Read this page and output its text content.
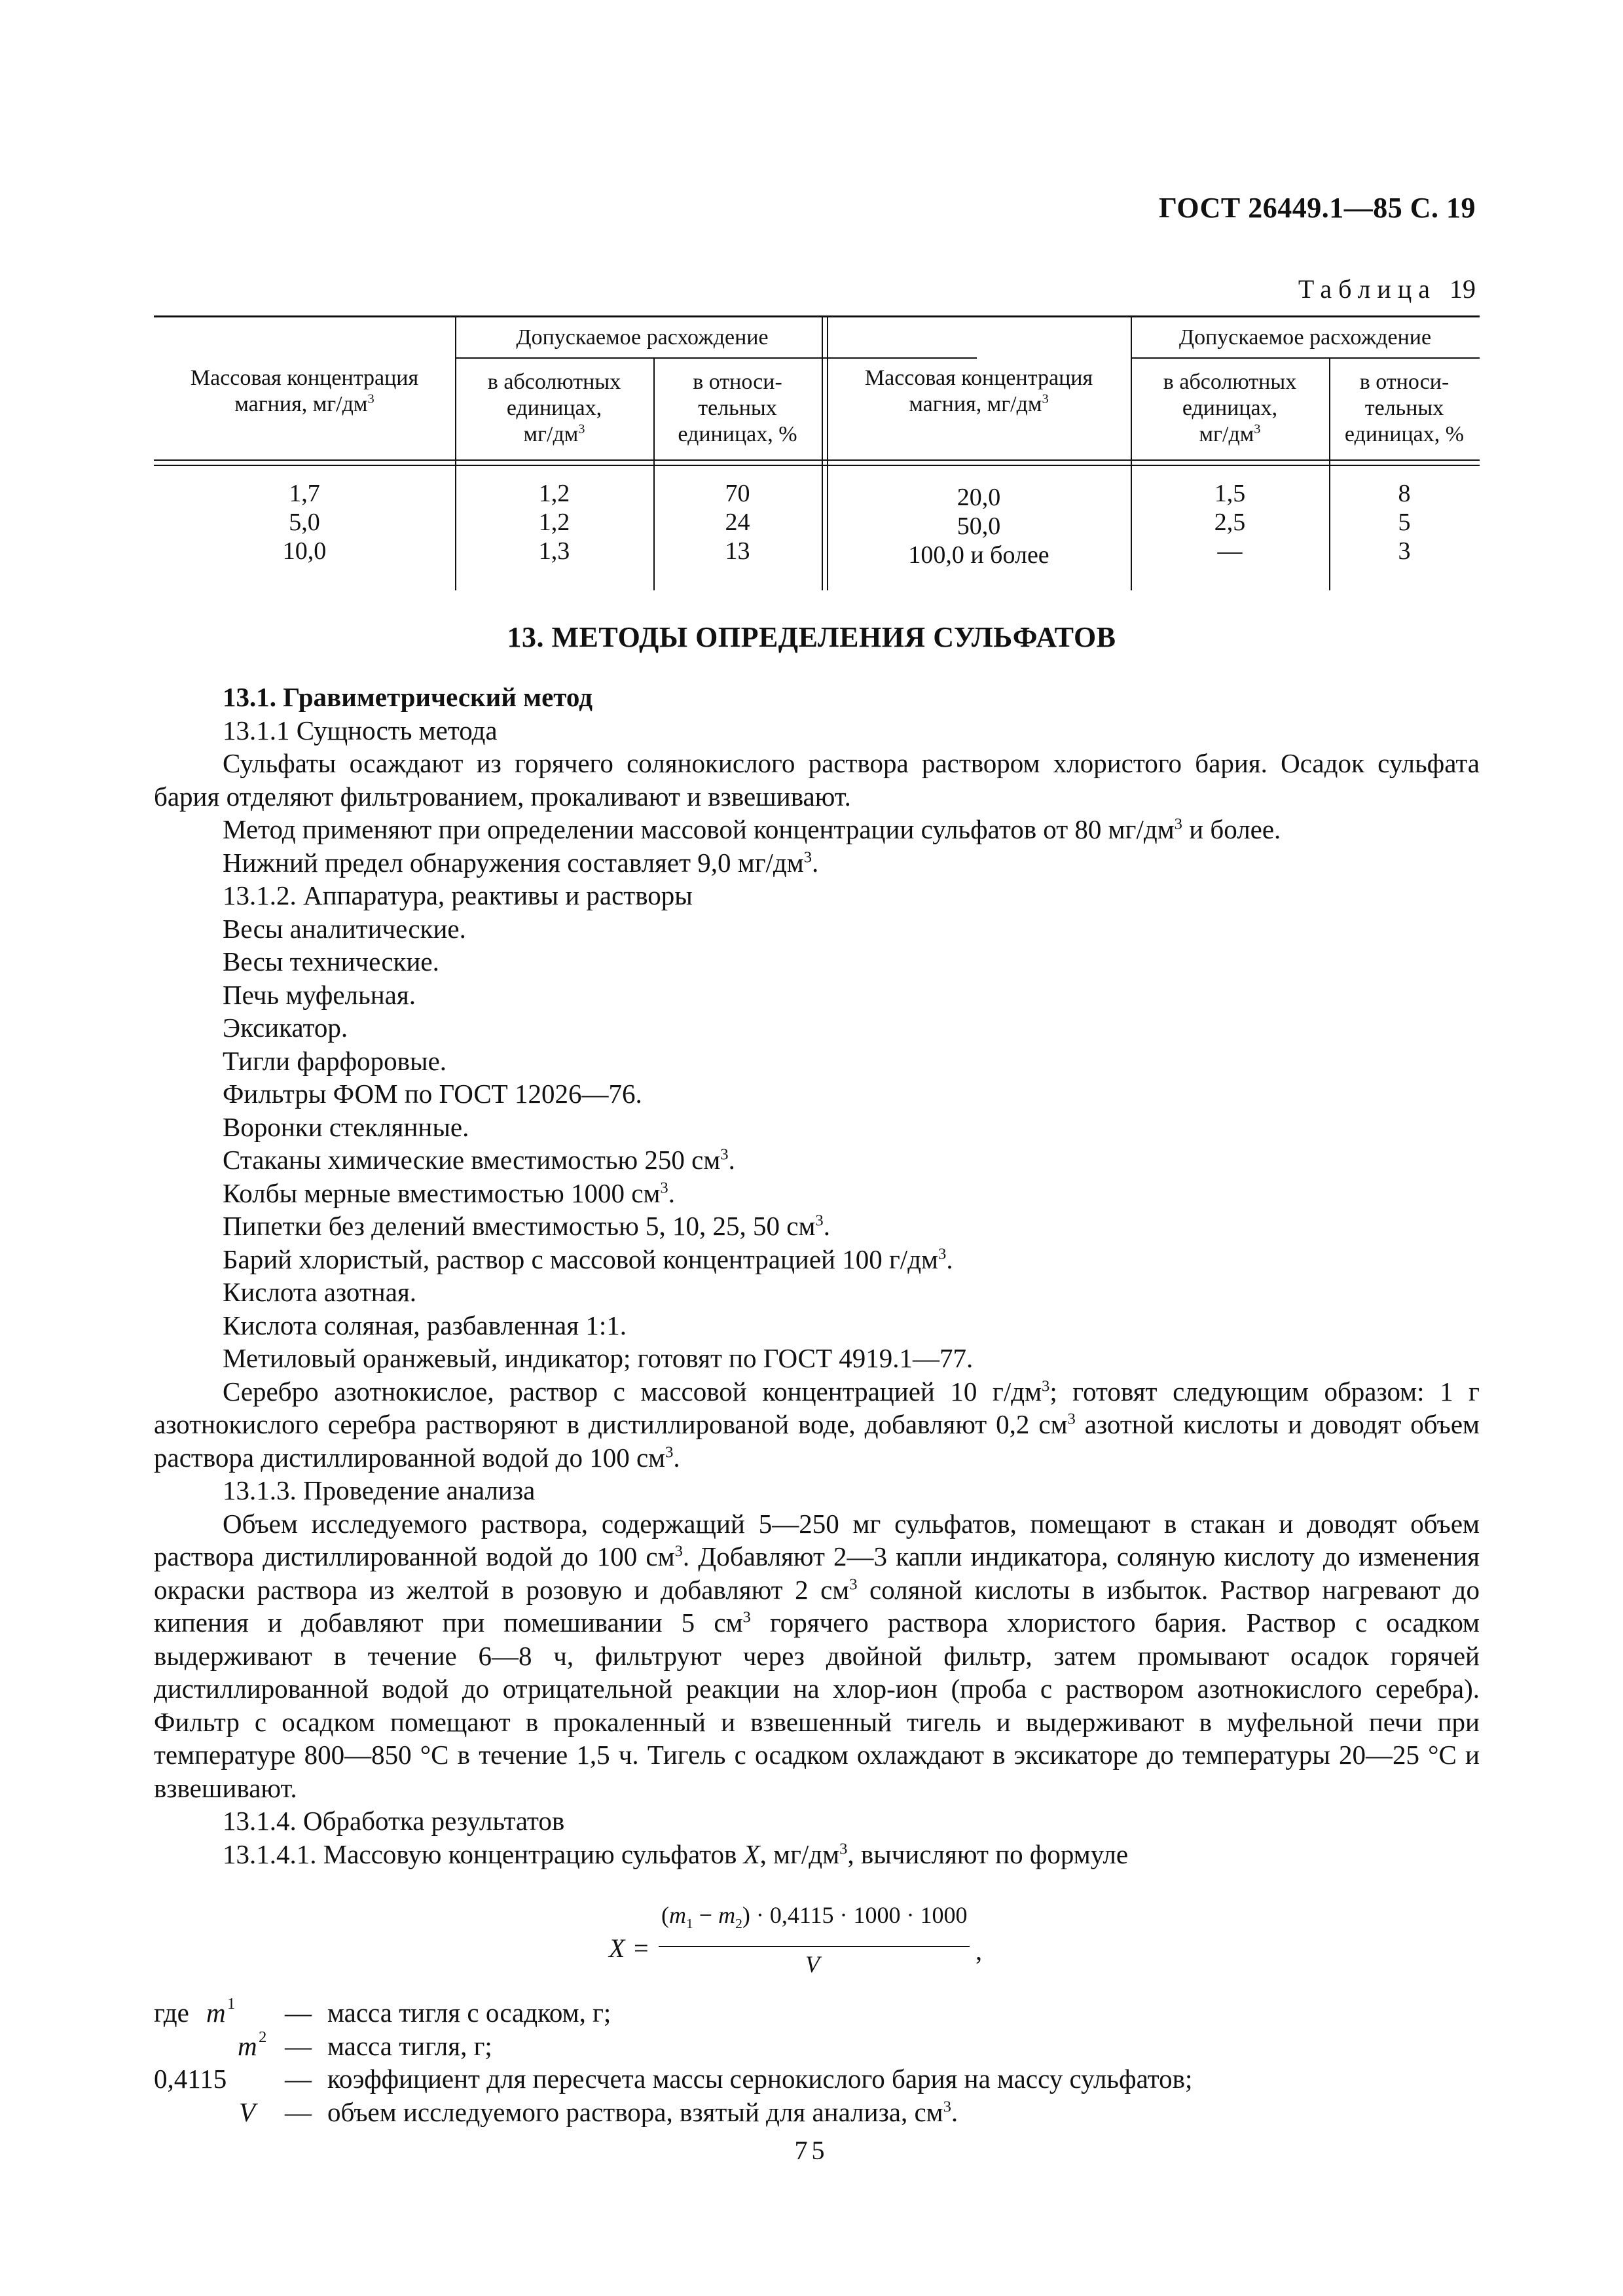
ГОСТ 26449.1—85 С. 19
Таблица 19
Массовая концентрация
магния, $мг/дм^3$
Допускаемое расхождение
в абсолютных
единицах,
$мг/дм^3$
в относи-
тельных
единицах, %
Массовая концентрация
магния, $мг/дм^3$
Допускаемое расхождение
в абсолютных
единицах,
$мг/дм^3$
в относи-
тельных
единицах, %
1,7
5,0
10,0
1,2
1,2
1,3
70
24
13
20,0
50,0
100,0 и более
1,5
2,5
—
8
5
3
13. МЕТОДЫ ОПРЕДЕЛЕНИЯ СУЛЬФАТОВ

13.1. Гравиметрический метод

13.1.1 Сущность метода

Сульфаты осаждают из горячего солянокислого раствора раствором хлористого бария. Осадок сульфата бария отделяют фильтрованием, прокаливают и взвешивают.

Метод применяют при определении массовой концентрации сульфатов от 80 $мг/дм^3$ и более.

Нижний предел обнаружения составляет 9,0 $мг/дм^3$.

13.1.2. Аппаратура, реактивы и растворы

Весы аналитические.

Весы технические.

Печь муфельная.

Эксикатор.

Тигли фарфоровые.

Фильтры ФОМ по ГОСТ 12026—76.

Воронки стеклянные.

Стаканы химические вместимостью 250 $см^3$.

Колбы мерные вместимостью 1000 $см^3$.

Пипетки без делений вместимостью 5, 10, 25, 50 $см^3$.

Барий хлористый, раствор с массовой концентрацией 100 $г/дм^3$.

Кислота азотная.

Кислота соляная, разбавленная 1:1.

Метиловый оранжевый, индикатор; готовят по ГОСТ 4919.1—77.

Серебро азотнокислое, раствор с массовой концентрацией 10 $г/дм^3$; готовят следующим образом: 1 г азотнокислого серебра растворяют в дистиллированой воде, добавляют 0,2 $см^3$ азотной кислоты и доводят объем раствора дистиллированной водой до 100 $см^3$.

13.1.3. Проведение анализа

Объем исследуемого раствора, содержащий 5—250 мг сульфатов, помещают в стакан и доводят объем раствора дистиллированной водой до 100 $см^3$. Добавляют 2—3 капли индикатора, соляную кислоту до изменения окраски раствора из желтой в розовую и добавляют 2 $см^3$ соляной кислоты в избыток. Раствор нагревают до кипения и добавляют при помешивании 5 $см^3$ горячего раствора хлористого бария. Раствор с осадком выдерживают в течение 6—8 ч, фильтруют через двойной фильтр, затем промывают осадок горячей дистиллированной водой до отрицательной реакции на хлор-ион (проба с раствором азотнокислого серебра). Фильтр с осадком помещают в прокаленный и взвешенный тигель и выдерживают в муфельной печи при температуре 800—850 °С в течение 1,5 ч. Тигель с осадком охлаждают в эксикаторе до температуры 20—25 °С и взвешивают.

13.1.4. Обработка результатов

13.1.4.1. Массовую концентрацию сульфатов X, $мг/дм^3$, вычисляют по формуле

X =
$(m_1 - m_2) \cdot 0,4115 \cdot 1000 \cdot 1000$
V	,
где m 1 — масса тигля с осадком, г;
m 2 — масса тигля, г;
0,4115 — коэффициент для пересчета массы сернокислого бария на массу сульфатов;
V — объем исследуемого раствора, взятый для анализа, $см^3$.
75
